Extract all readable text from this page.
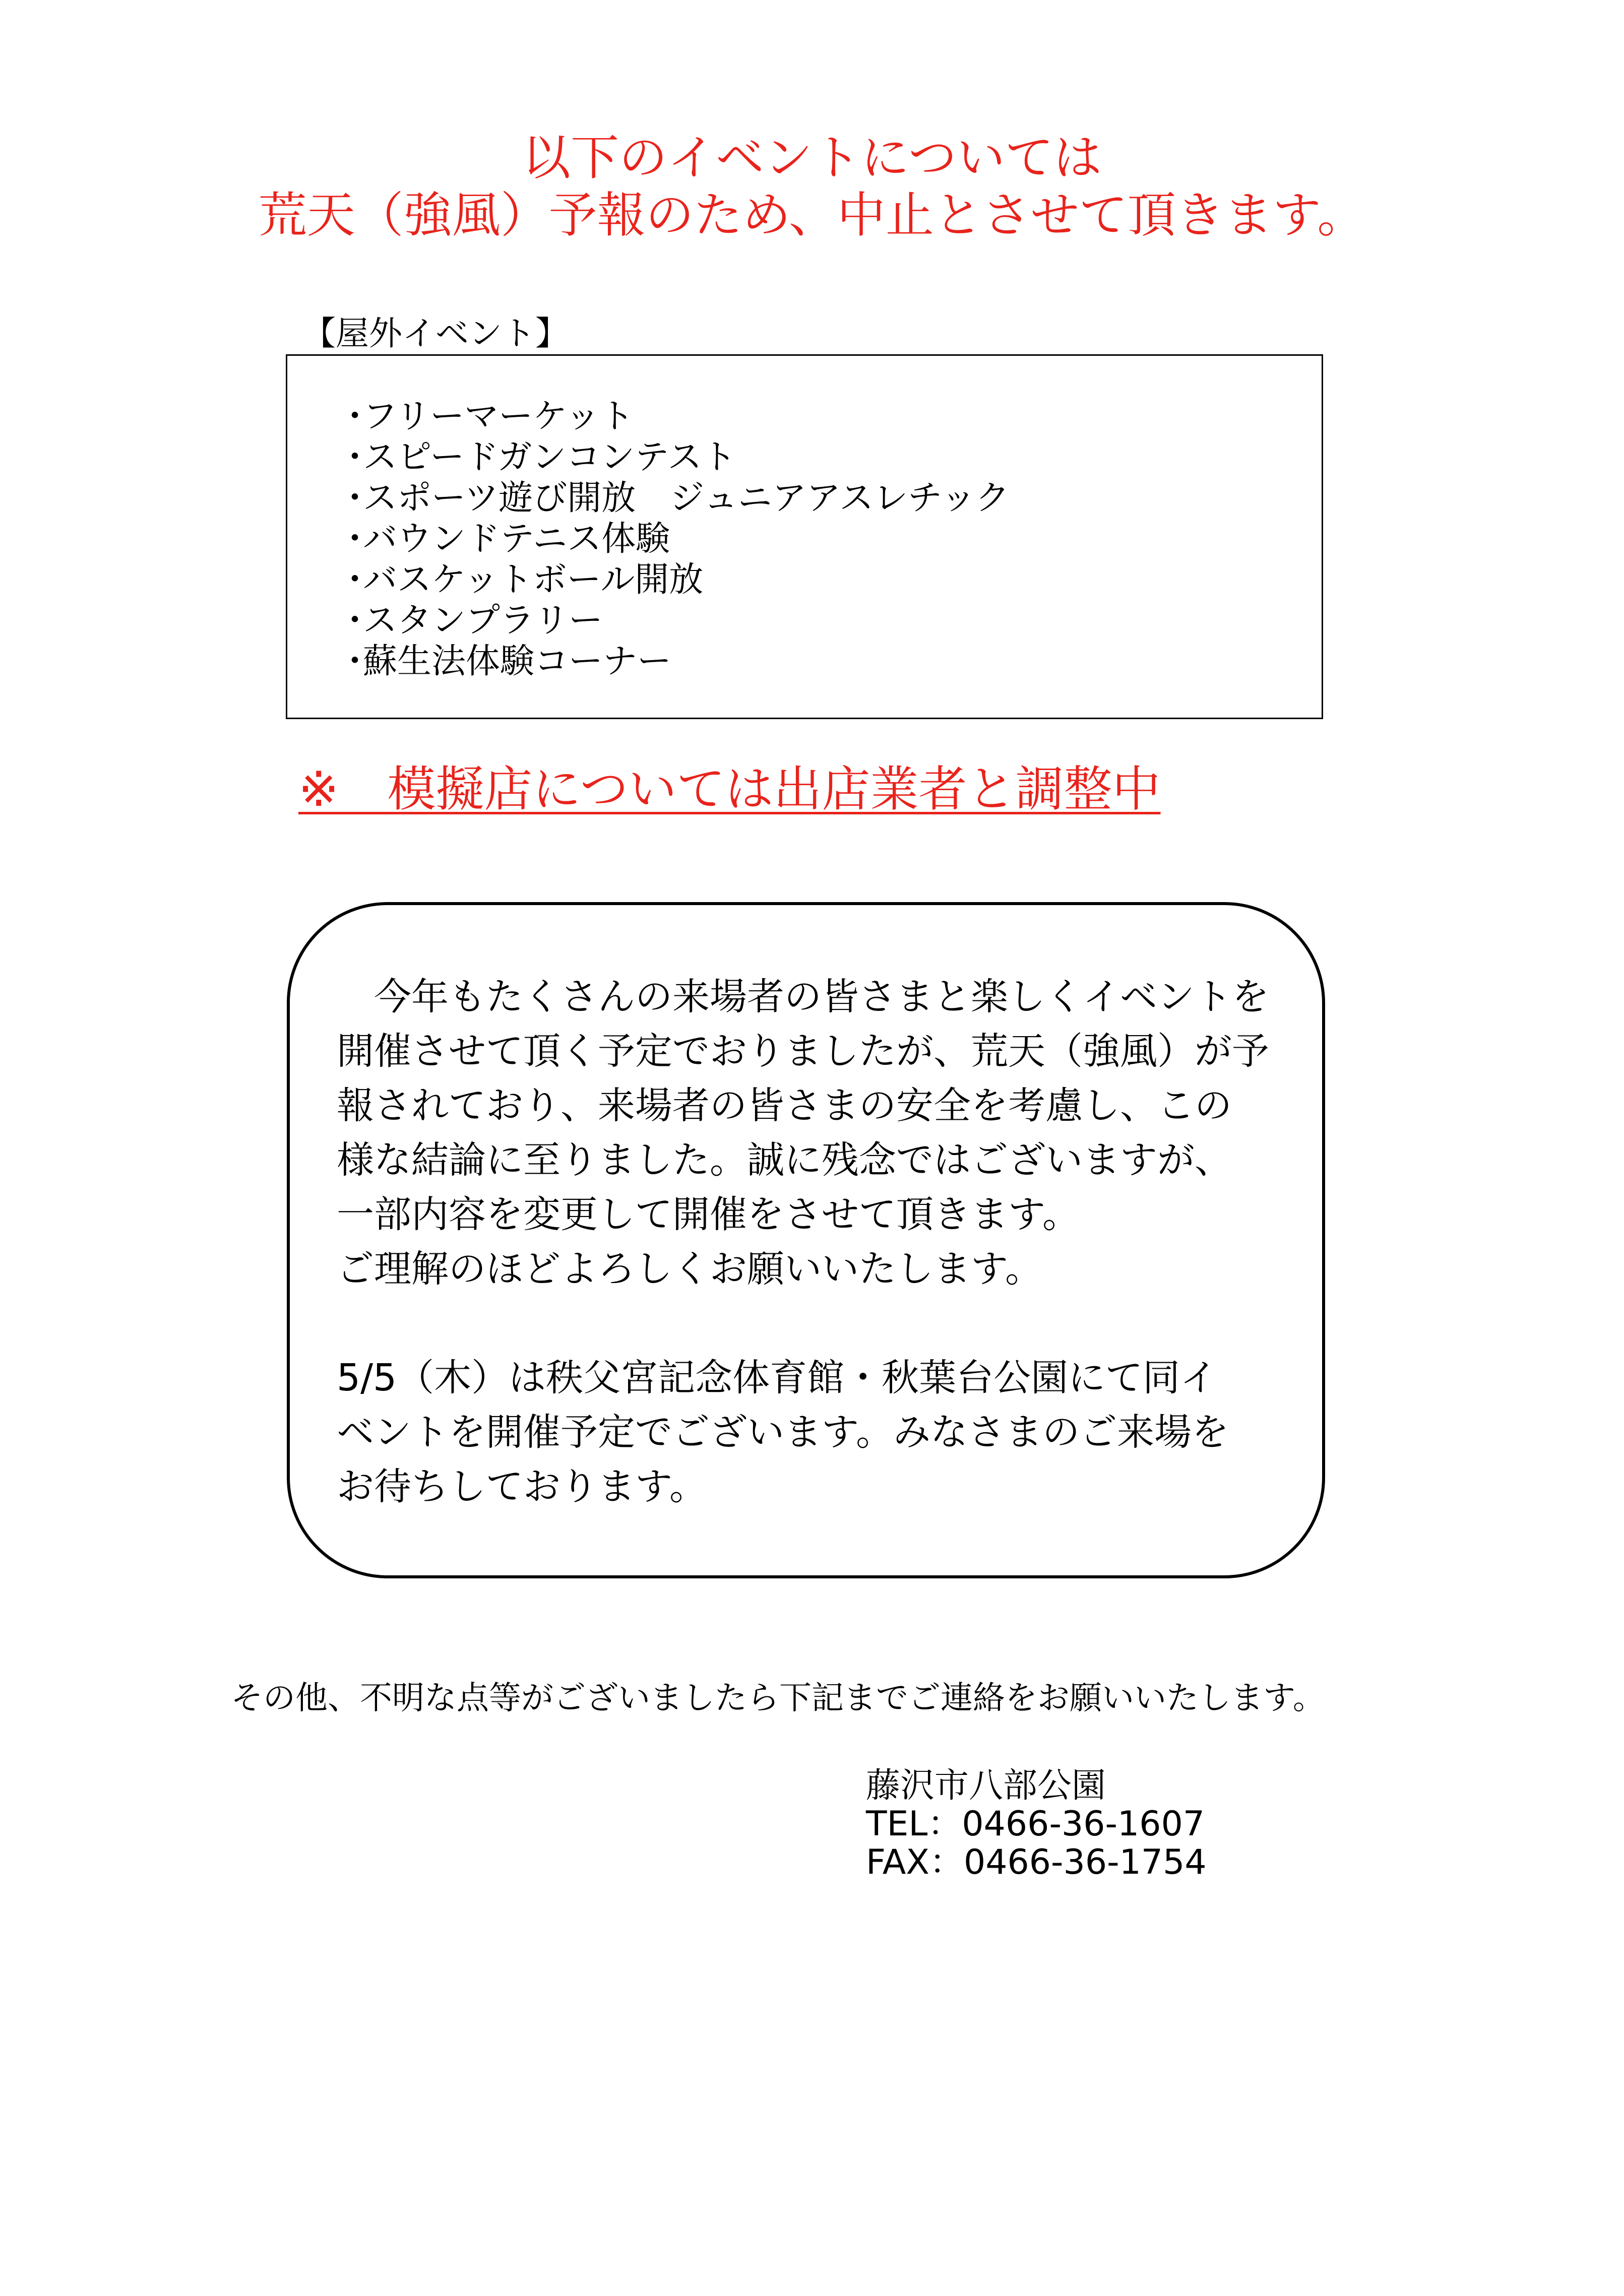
以下のイベントについては
荒天（強風）予報のため、中止とさせて頂きます。
【屋外イベント】
・フリーマーケット
・スピードガンコンテスト
・スポーツ遊び開放　ジュニアアスレチック
・バウンドテニス体験
・バスケットボール開放
・スタンプラリー
・蘇生法体験コーナー
※　模擬店については出店業者と調整中
　今年もたくさんの来場者の皆さまと楽しくイベントを
開催させて頂く予定でおりましたが、荒天（強風）が予
報されており、来場者の皆さまの安全を考慮し、この
様な結論に至りました。誠に残念ではございますが、
一部内容を変更して開催をさせて頂きます。
ご理解のほどよろしくお願いいたします。
5/5（木）は秩父宮記念体育館・秋葉台公園にて同イ
ベントを開催予定でございます。みなさまのご来場を
お待ちしております。
その他、不明な点等がございましたら下記までご連絡をお願いいたします。
藤沢市八部公園
TEL：0466-36-1607
FAX：0466-36-1754
